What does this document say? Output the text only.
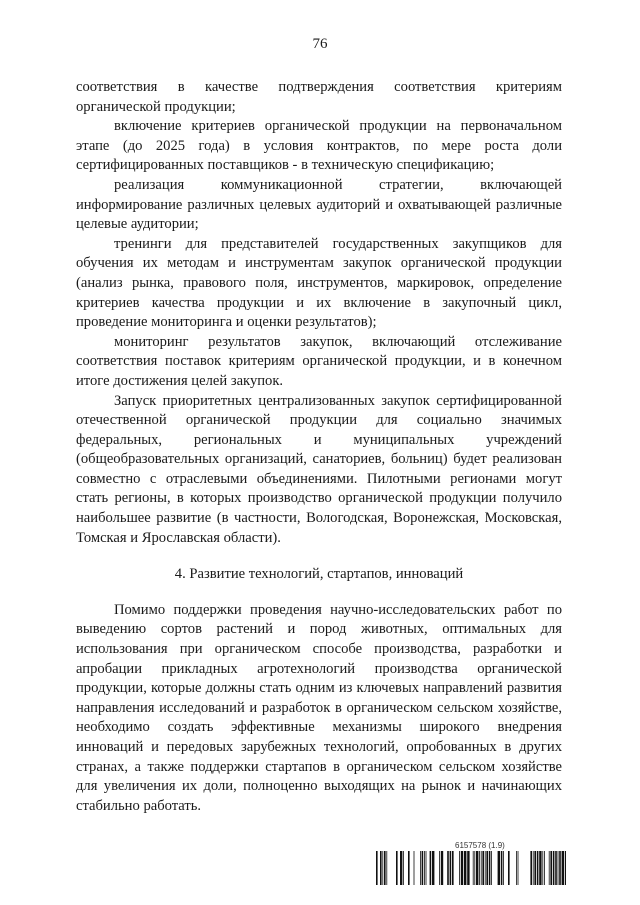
76

соответствия в качестве подтверждения соответствия критериям органической продукции;

включение критериев органической продукции на первоначальном этапе (до 2025 года) в условия контрактов, по мере роста доли сертифицированных поставщиков - в техническую спецификацию;

реализация коммуникационной стратегии, включающей информирование различных целевых аудиторий и охватывающей различные целевые аудитории;

тренинги для представителей государственных закупщиков для обучения их методам и инструментам закупок органической продукции (анализ рынка, правового поля, инструментов, маркировок, определение критериев качества продукции и их включение в закупочный цикл, проведение мониторинга и оценки результатов);

мониторинг результатов закупок, включающий отслеживание соответствия поставок критериям органической продукции, и в конечном итоге достижения целей закупок.

Запуск приоритетных централизованных закупок сертифицированной отечественной органической продукции для социально значимых федеральных, региональных и муниципальных учреждений (общеобразовательных организаций, санаториев, больниц) будет реализован совместно с отраслевыми объединениями. Пилотными регионами могут стать регионы, в которых производство органической продукции получило наибольшее развитие (в частности, Вологодская, Воронежская, Московская, Томская и Ярославская области).

4. Развитие технологий, стартапов, инноваций

Помимо поддержки проведения научно-исследовательских работ по выведению сортов растений и пород животных, оптимальных для использования при органическом способе производства, разработки и апробации прикладных агротехнологий производства органической продукции, которые должны стать одним из ключевых направлений развития направления исследований и разработок в органическом сельском хозяйстве, необходимо создать эффективные механизмы широкого внедрения инноваций и передовых зарубежных технологий, опробованных в других странах, а также поддержки стартапов в органическом сельском хозяйстве для увеличения их доли, полноценно выходящих на рынок и начинающих стабильно работать.

6157578 (1.9)
